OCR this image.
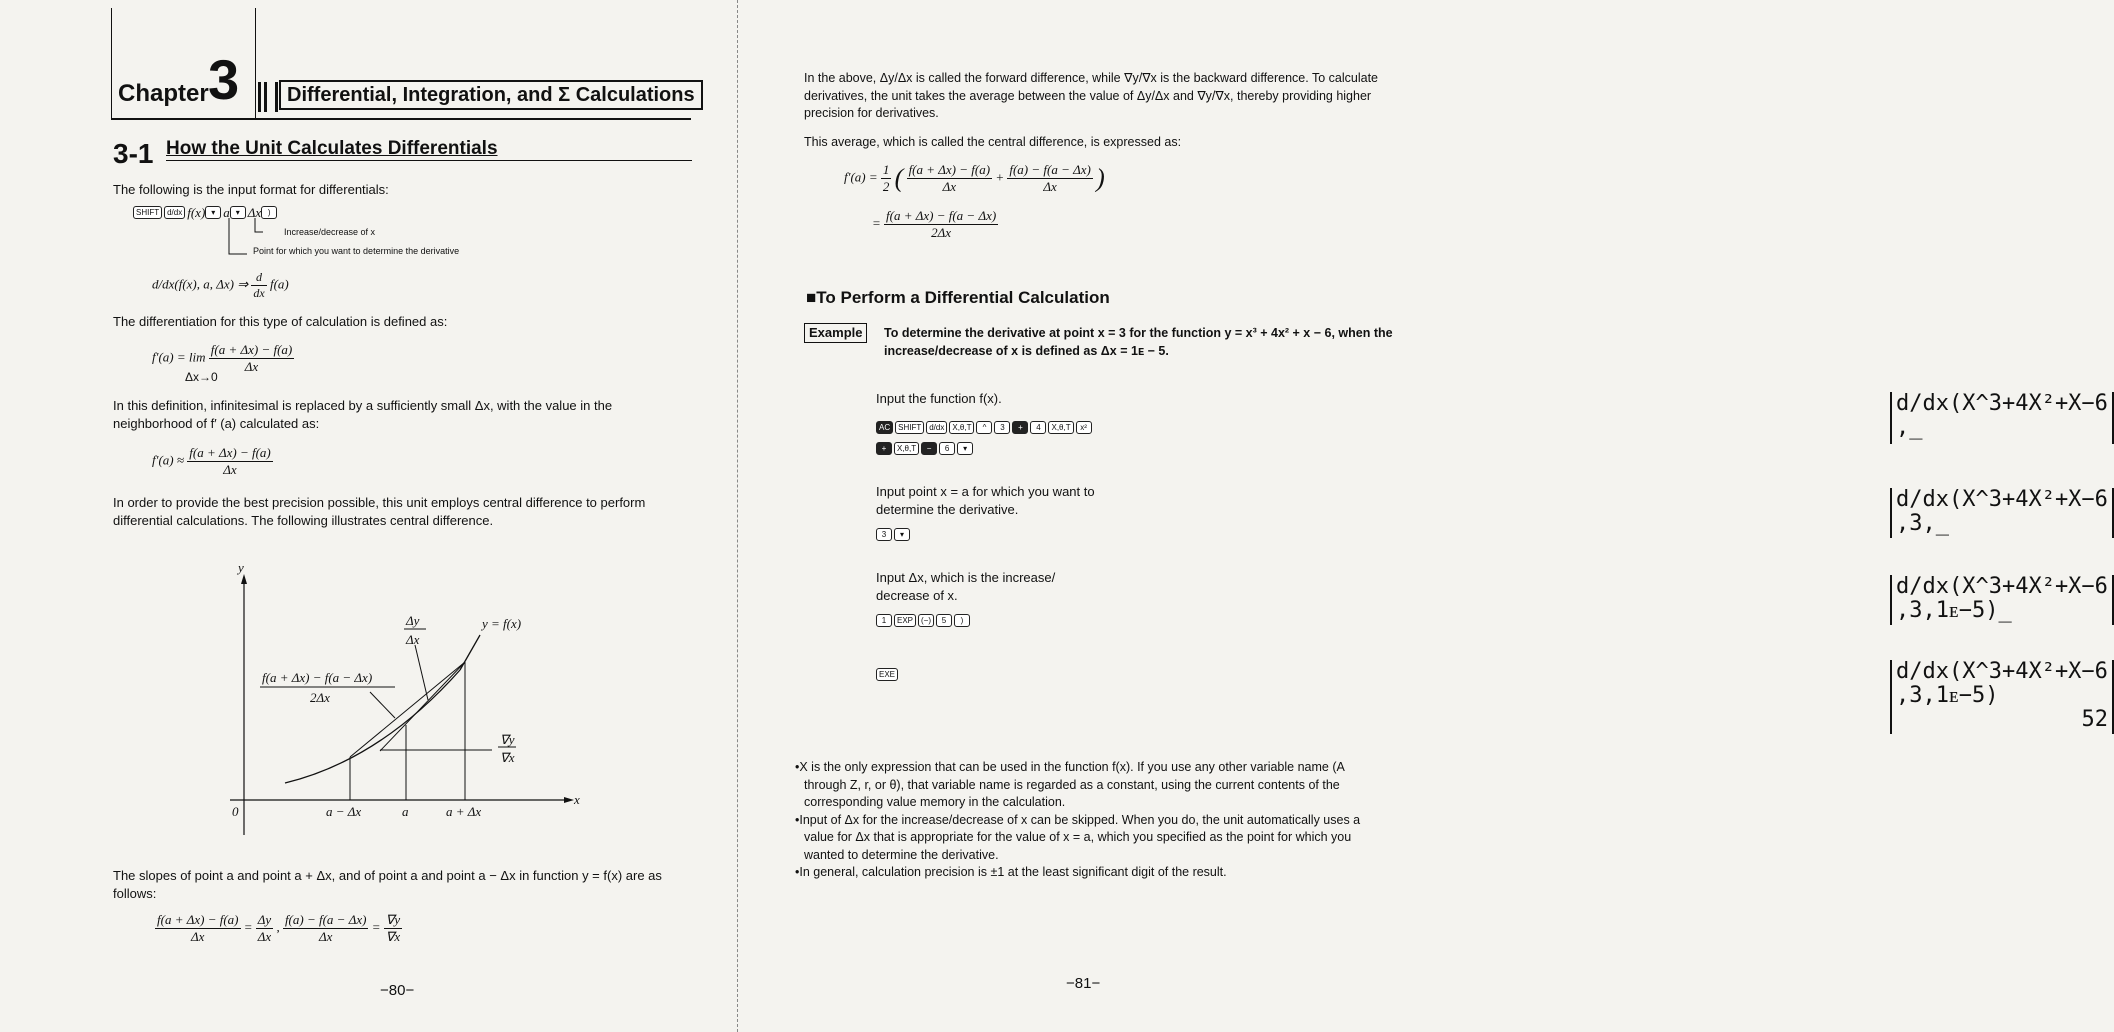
Chapter 3	Differential, Integration, and Σ Calculations
3-1 How the Unit Calculates Differentials
The following is the input format for differentials:
SHIFT d/dx f(x) ▾ a ▾ Δx )
Increase/decrease of x
Point for which you want to determine the derivative
d/dx(f(x), a, Δx) ⇒ $\frac{d}{dx} f(a)$
The differentiation for this type of calculation is defined as:
$f'(a) = \lim \frac{f(a + \Delta x) - f(a)}{\Delta x}$
Δx→0
In this definition, infinitesimal is replaced by a sufficiently small Δx, with the value in the neighborhood of f′ (a) calculated as:
$f'(a) \approx \frac{f(a + \Delta x) - f(a)}{\Delta x}$
In order to provide the best precision possible, this unit employs central difference to perform differential calculations. The following illustrates central difference.
y
x
0
y = f(x)
Δy
Δx
f(a + Δx) − f(a − Δx)
2Δx
∇y
∇x
a − Δx	a	a + Δx
The slopes of point a and point a + Δx, and of point a and point a − Δx in function y = f(x) are as follows:
$\frac{f(a + \Delta x) - f(a)}{\Delta x} = \frac{\Delta y}{\Delta x}$ , $\frac{f(a) - f(a - \Delta x)}{\Delta x} = \frac{\nabla y}{\nabla x}$
−80−
In the above, Δy/Δx is called the forward difference, while ∇y/∇x is the backward difference. To calculate derivatives, the unit takes the average between the value of Δy/Δx and ∇y/∇x, thereby providing higher precision for derivatives.
This average, which is called the central difference, is expressed as:
$f'(a) = \frac{1}{2}$ ( $\frac{f(a + \Delta x) - f(a)}{\Delta x} + \frac{f(a) - f(a - \Delta x)}{\Delta x}$ )
= $\frac{f(a + \Delta x) - f(a - \Delta x)}{2\Delta x}$
■To Perform a Differential Calculation
Example	To determine the derivative at point x = 3 for the function y = x³ + 4x² + x − 6, when the increase/decrease of x is defined as Δx = 1ᴇ − 5.
Input the function f(x).
AC SHIFT d/dx X,θ,T ^ 3 + 4 X,θ,T x²
+ X,θ,T − 6 ▾
d/dx(X^3+4X²+X−6
,_
Input point x = a for which you want to determine the derivative.
3 ▾
d/dx(X^3+4X²+X−6
,3,_
Input Δx, which is the increase/ decrease of x.
1 EXP (−) 5 )
d/dx(X^3+4X²+X−6
,3,1ᴇ−5)_
EXE	d/dx(X^3+4X²+X−6
,3,1ᴇ−5)
52

•X is the only expression that can be used in the function f(x). If you use any other variable name (A through Z, r, or θ), that variable name is regarded as a constant, using the current contents of the corresponding value memory in the calculation.

•Input of Δx for the increase/decrease of x can be skipped. When you do, the unit automatically uses a value for Δx that is appropriate for the value of x = a, which you specified as the point for which you wanted to determine the derivative.

•In general, calculation precision is ±1 at the least significant digit of the result.

−81−
